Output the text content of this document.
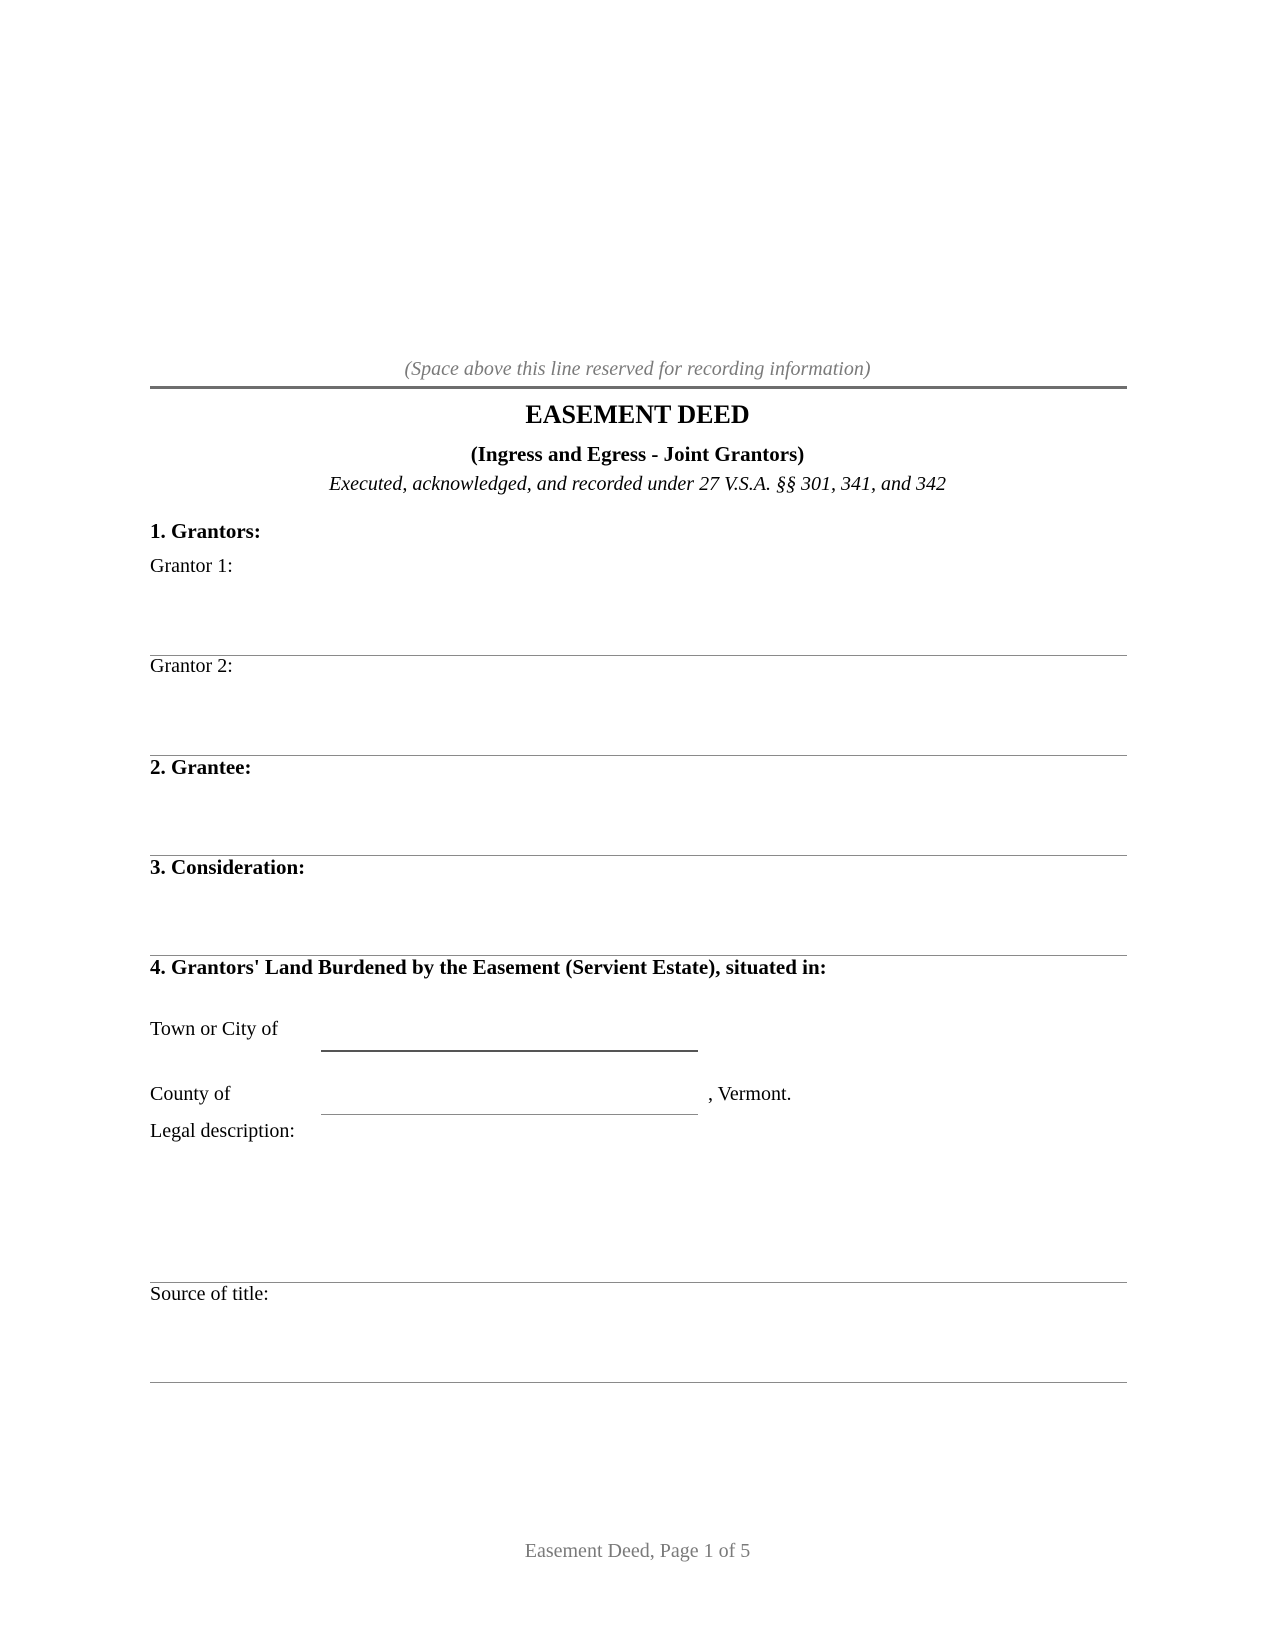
(Space above this line reserved for recording information)
EASEMENT DEED
(Ingress and Egress - Joint Grantors)
Executed, acknowledged, and recorded under 27 V.S.A. §§ 301, 341, and 342
1. Grantors:
Grantor 1:
Grantor 2:
2. Grantee:
3. Consideration:
4. Grantors' Land Burdened by the Easement (Servient Estate), situated in:
Town or City of
County of	, Vermont.
Legal description:
Source of title:
Easement Deed, Page 1 of 5
